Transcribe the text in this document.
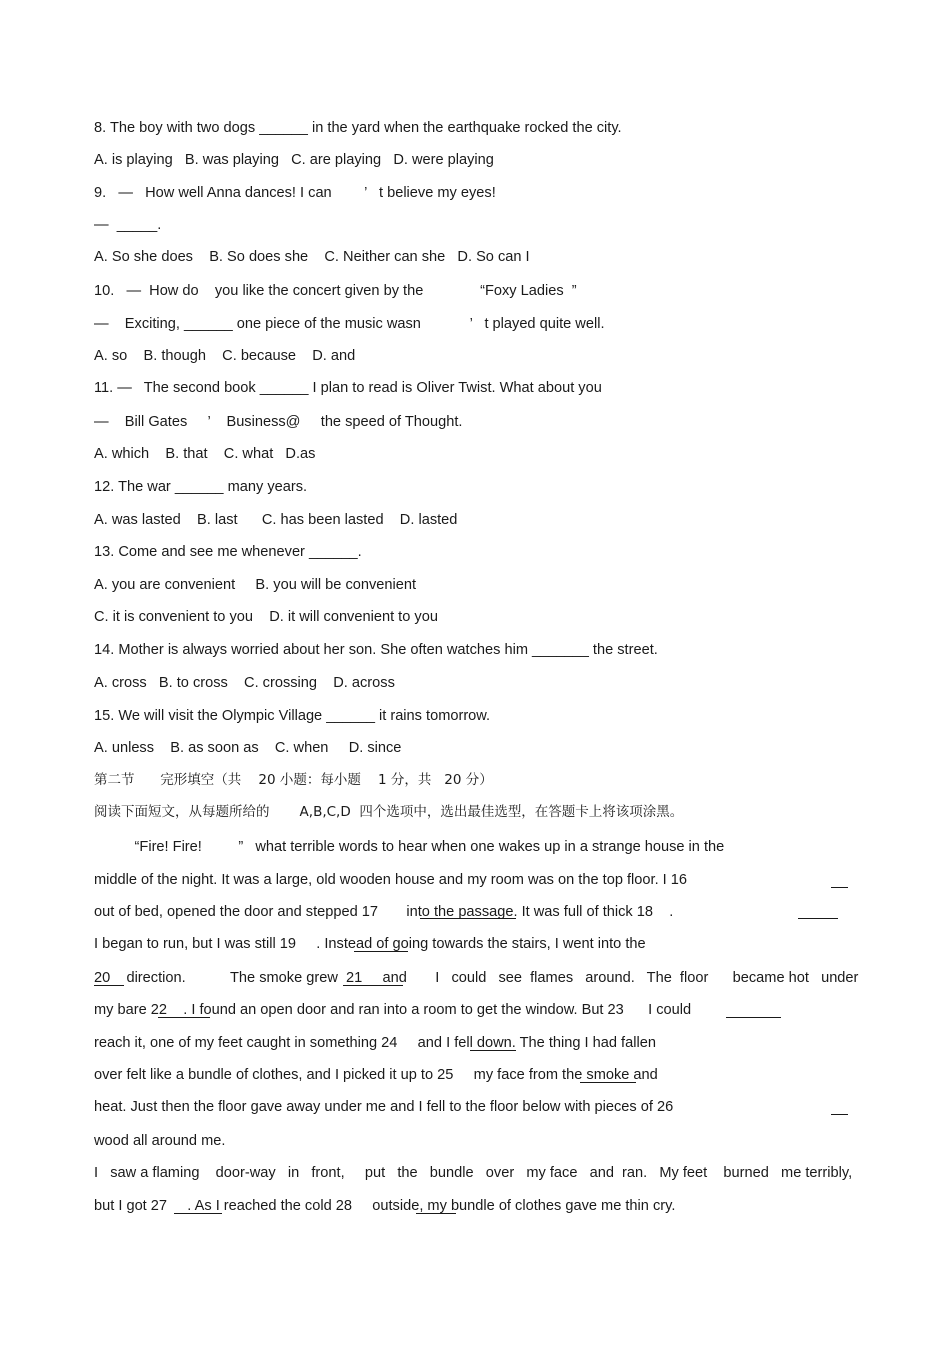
8. The boy with two dogs ______ in the yard when the earthquake rocked the city.
A. is playing   B. was playing   C. are playing   D. were playing
9.   —   How well Anna dances! I can        ’   t believe my eyes!
—  _____.
A. So she does    B. So does she    C. Neither can she   D. So can I
10.   —  How do    you like the concert given by the              “Foxy Ladies  ”
—    Exciting, ______ one piece of the music wasn            ’   t played quite well.
A. so    B. though    C. because    D. and
11. —   The second book ______ I plan to read is Oliver Twist. What about you
—    Bill Gates     ’    Business@     the speed of Thought.
A. which    B. that    C. what   D.as
12. The war ______ many years.
A. was lasted    B. last      C. has been lasted    D. lasted
13. Come and see me whenever ______.
A. you are convenient     B. you will be convenient
C. it is convenient to you    D. it will convenient to you
14. Mother is always worried about her son. She often watches him _______ the street.
A. cross   B. to cross    C. crossing    D. across
15. We will visit the Olympic Village ______ it rains tomorrow.
A. unless    B. as soon as    C. when     D. since
第二节      完形填空（共    20 小题：每小题    1 分，共   20 分）
阅读下面短文，从每题所给的       A,B,C,D  四个选项中，选出最佳选型，在答题卡上将该项涂黑。
“Fire! Fire!         ”   what terrible words to hear when one wakes up in a strange house in the
middle of the night. It was a large, old wooden house and my room was on the top floor. I 16
out of bed, opened the door and stepped 17       into the passage. It was full of thick 18    .
I began to run, but I was still 19     . Instead of going towards the stairs, I went into the
20    direction.           The smoke grew  21     and       I   could   see  flames   around.   The  floor      became hot   under
my bare 22    . I found an open door and ran into a room to get the window. But 23      I could
reach it, one of my feet caught in something 24     and I fell down. The thing I had fallen
over felt like a bundle of clothes, and I picked it up to 25     my face from the smoke and
heat. Just then the floor gave away under me and I fell to the floor below with pieces of 26
wood all around me.
I   saw a flaming    door-way   in   front,     put   the   bundle   over   my face   and  ran.   My feet    burned   me terribly,
but I got 27     . As I reached the cold 28     outside, my bundle of clothes gave me thin cry.
